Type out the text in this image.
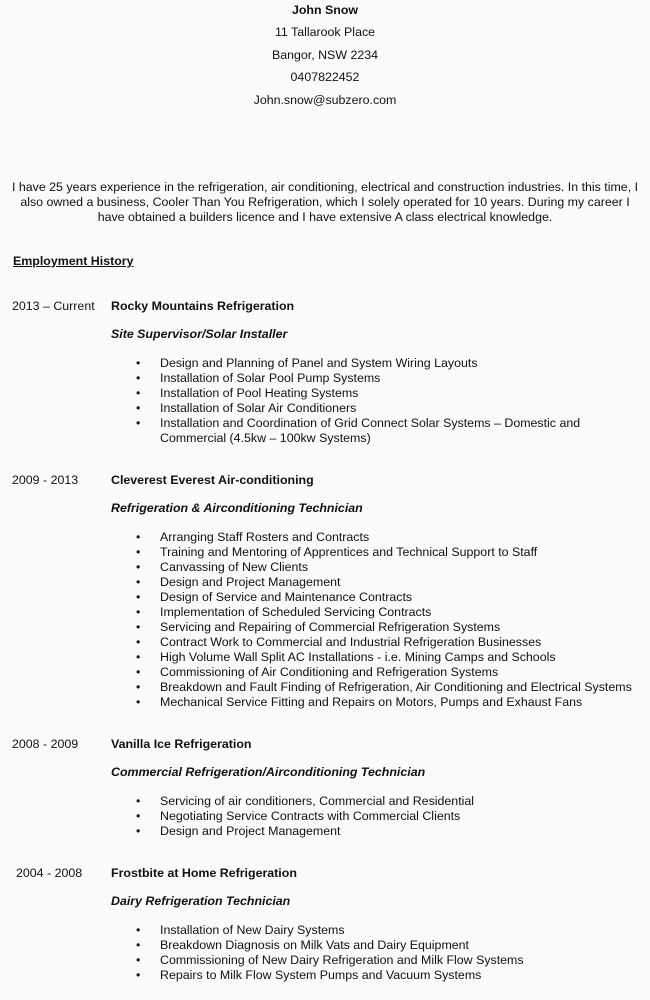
John Snow
11 Tallarook Place
Bangor, NSW 2234
0407822452
John.snow@subzero.com
I have 25 years experience in the refrigeration, air conditioning, electrical and construction industries. In this time, I also owned a business, Cooler Than You Refrigeration, which I solely operated for 10 years. During my career I have obtained a builders licence and I have extensive A class electrical knowledge.
Employment History
2013 – Current Rocky Mountains Refrigeration
Site Supervisor/Solar Installer
• Design and Planning of Panel and System Wiring Layouts
• Installation of Solar Pool Pump Systems
• Installation of Pool Heating Systems
• Installation of Solar Air Conditioners
• Installation and Coordination of Grid Connect Solar Systems – Domestic and Commercial (4.5kw – 100kw Systems)
2009 - 2013	Cleverest Everest Air-conditioning
Refrigeration & Airconditioning Technician
• Arranging Staff Rosters and Contracts
• Training and Mentoring of Apprentices and Technical Support to Staff
• Canvassing of New Clients
• Design and Project Management
• Design of Service and Maintenance Contracts
• Implementation of Scheduled Servicing Contracts
• Servicing and Repairing of Commercial Refrigeration Systems
• Contract Work to Commercial and Industrial Refrigeration Businesses
• High Volume Wall Split AC Installations - i.e. Mining Camps and Schools
• Commissioning of Air Conditioning and Refrigeration Systems
• Breakdown and Fault Finding of Refrigeration, Air Conditioning and Electrical Systems
• Mechanical Service Fitting and Repairs on Motors, Pumps and Exhaust Fans
2008 - 2009	Vanilla Ice Refrigeration
Commercial Refrigeration/Airconditioning Technician
• Servicing of air conditioners, Commercial and Residential
• Negotiating Service Contracts with Commercial Clients
• Design and Project Management
2004 - 2008 Frostbite at Home Refrigeration
Dairy Refrigeration Technician
• Installation of New Dairy Systems
• Breakdown Diagnosis on Milk Vats and Dairy Equipment
• Commissioning of New Dairy Refrigeration and Milk Flow Systems
• Repairs to Milk Flow System Pumps and Vacuum Systems
